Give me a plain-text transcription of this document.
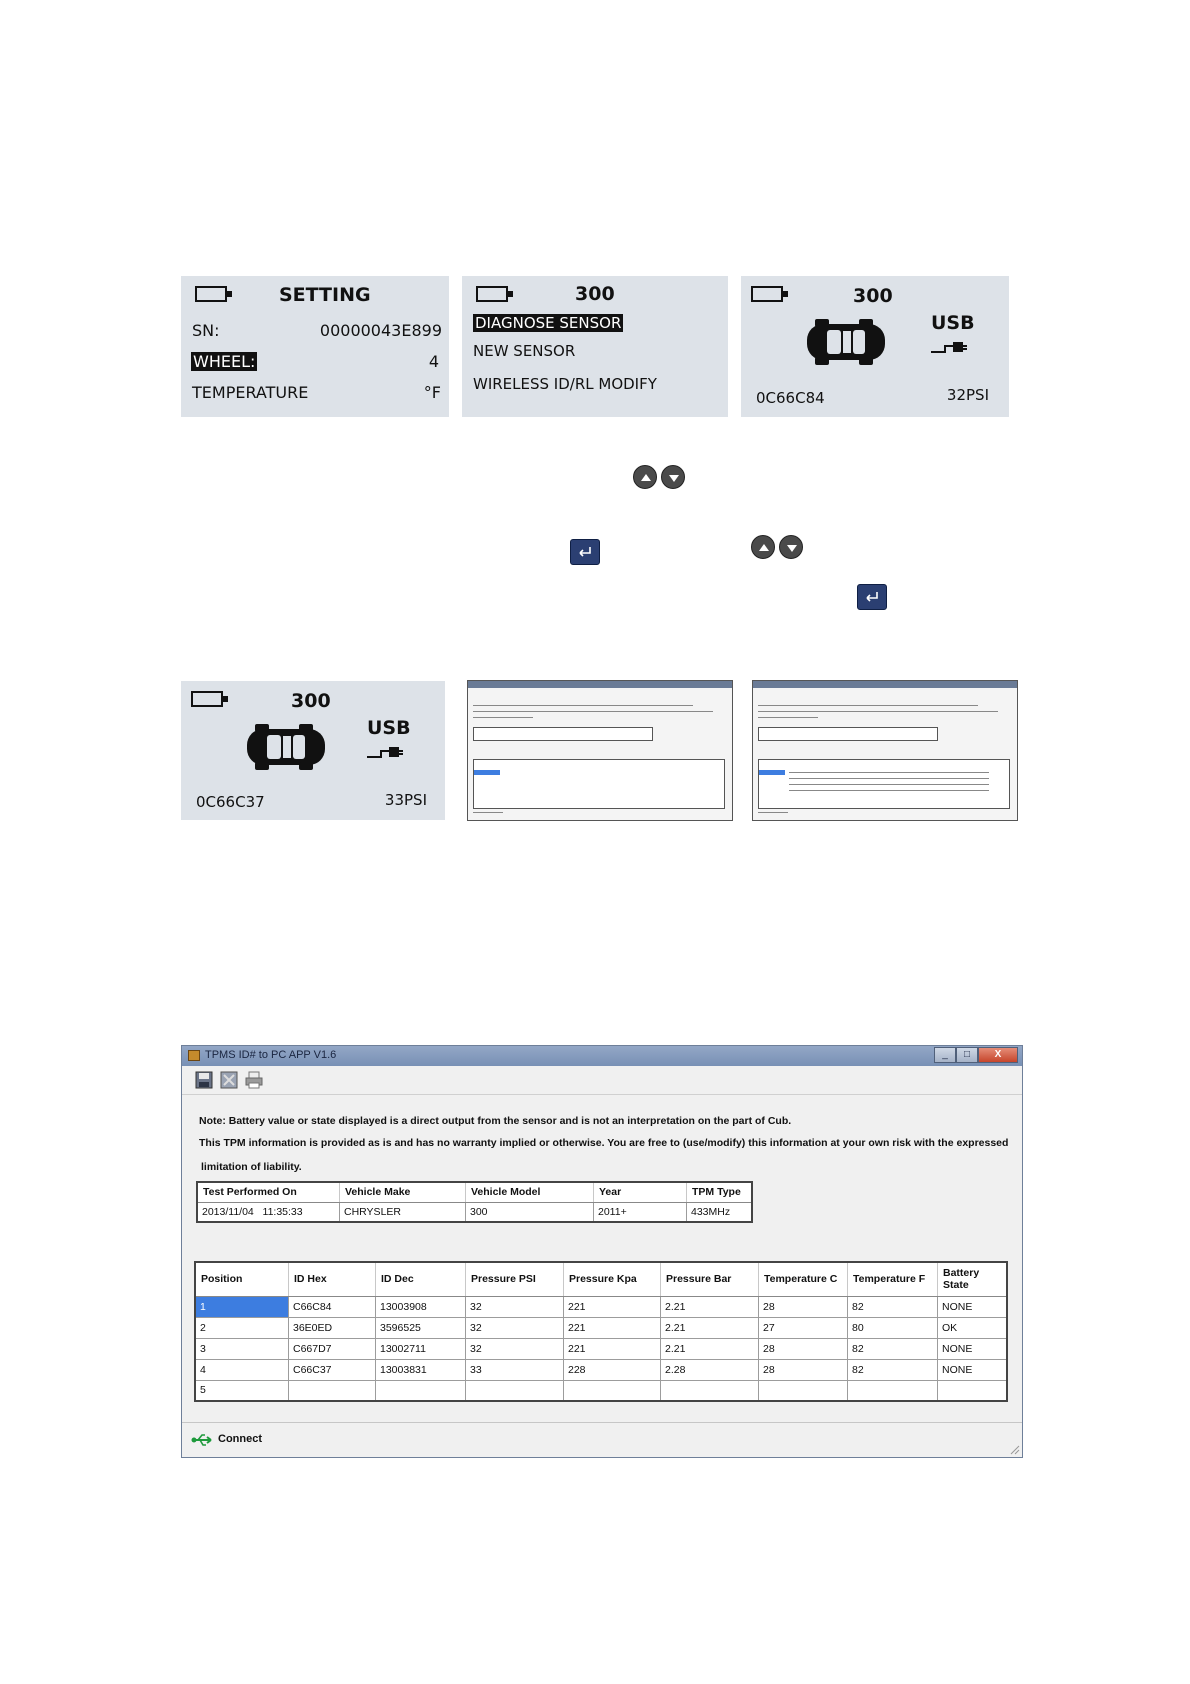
SETTING
SN:	00000043E899
WHEEL:	4
TEMPERATURE	°F
300
DIAGNOSE SENSOR
NEW SENSOR
WIRELESS ID/RL MODIFY
300
USB
0C66C84	32PSI
300
USB
0C66C37	33PSI
TPMS ID# to PC APP V1.6	_	□	X
Note: Battery value or state displayed is a direct output from the sensor and is not an interpretation on the part of Cub.
This TPM information is provided as is and has no warranty implied or otherwise. You are free to (use/modify) this information at your own risk with the expressed
limitation of liability.
Test Performed On	Vehicle Make	Vehicle Model	Year	TPM Type
2013/11/04   11:35:33	CHRYSLER	300	2011+	433MHz
Position	ID Hex	ID Dec	Pressure PSI	Pressure Kpa	Pressure Bar	Temperature C	Temperature F	Battery State
1	C66C84	13003908	32	221	2.21	28	82	NONE
2	36E0ED	3596525	32	221	2.21	27	80	OK
3	C667D7	13002711	32	221	2.21	28	82	NONE
4	C66C37	13003831	33	228	2.28	28	82	NONE
5								
Connect
